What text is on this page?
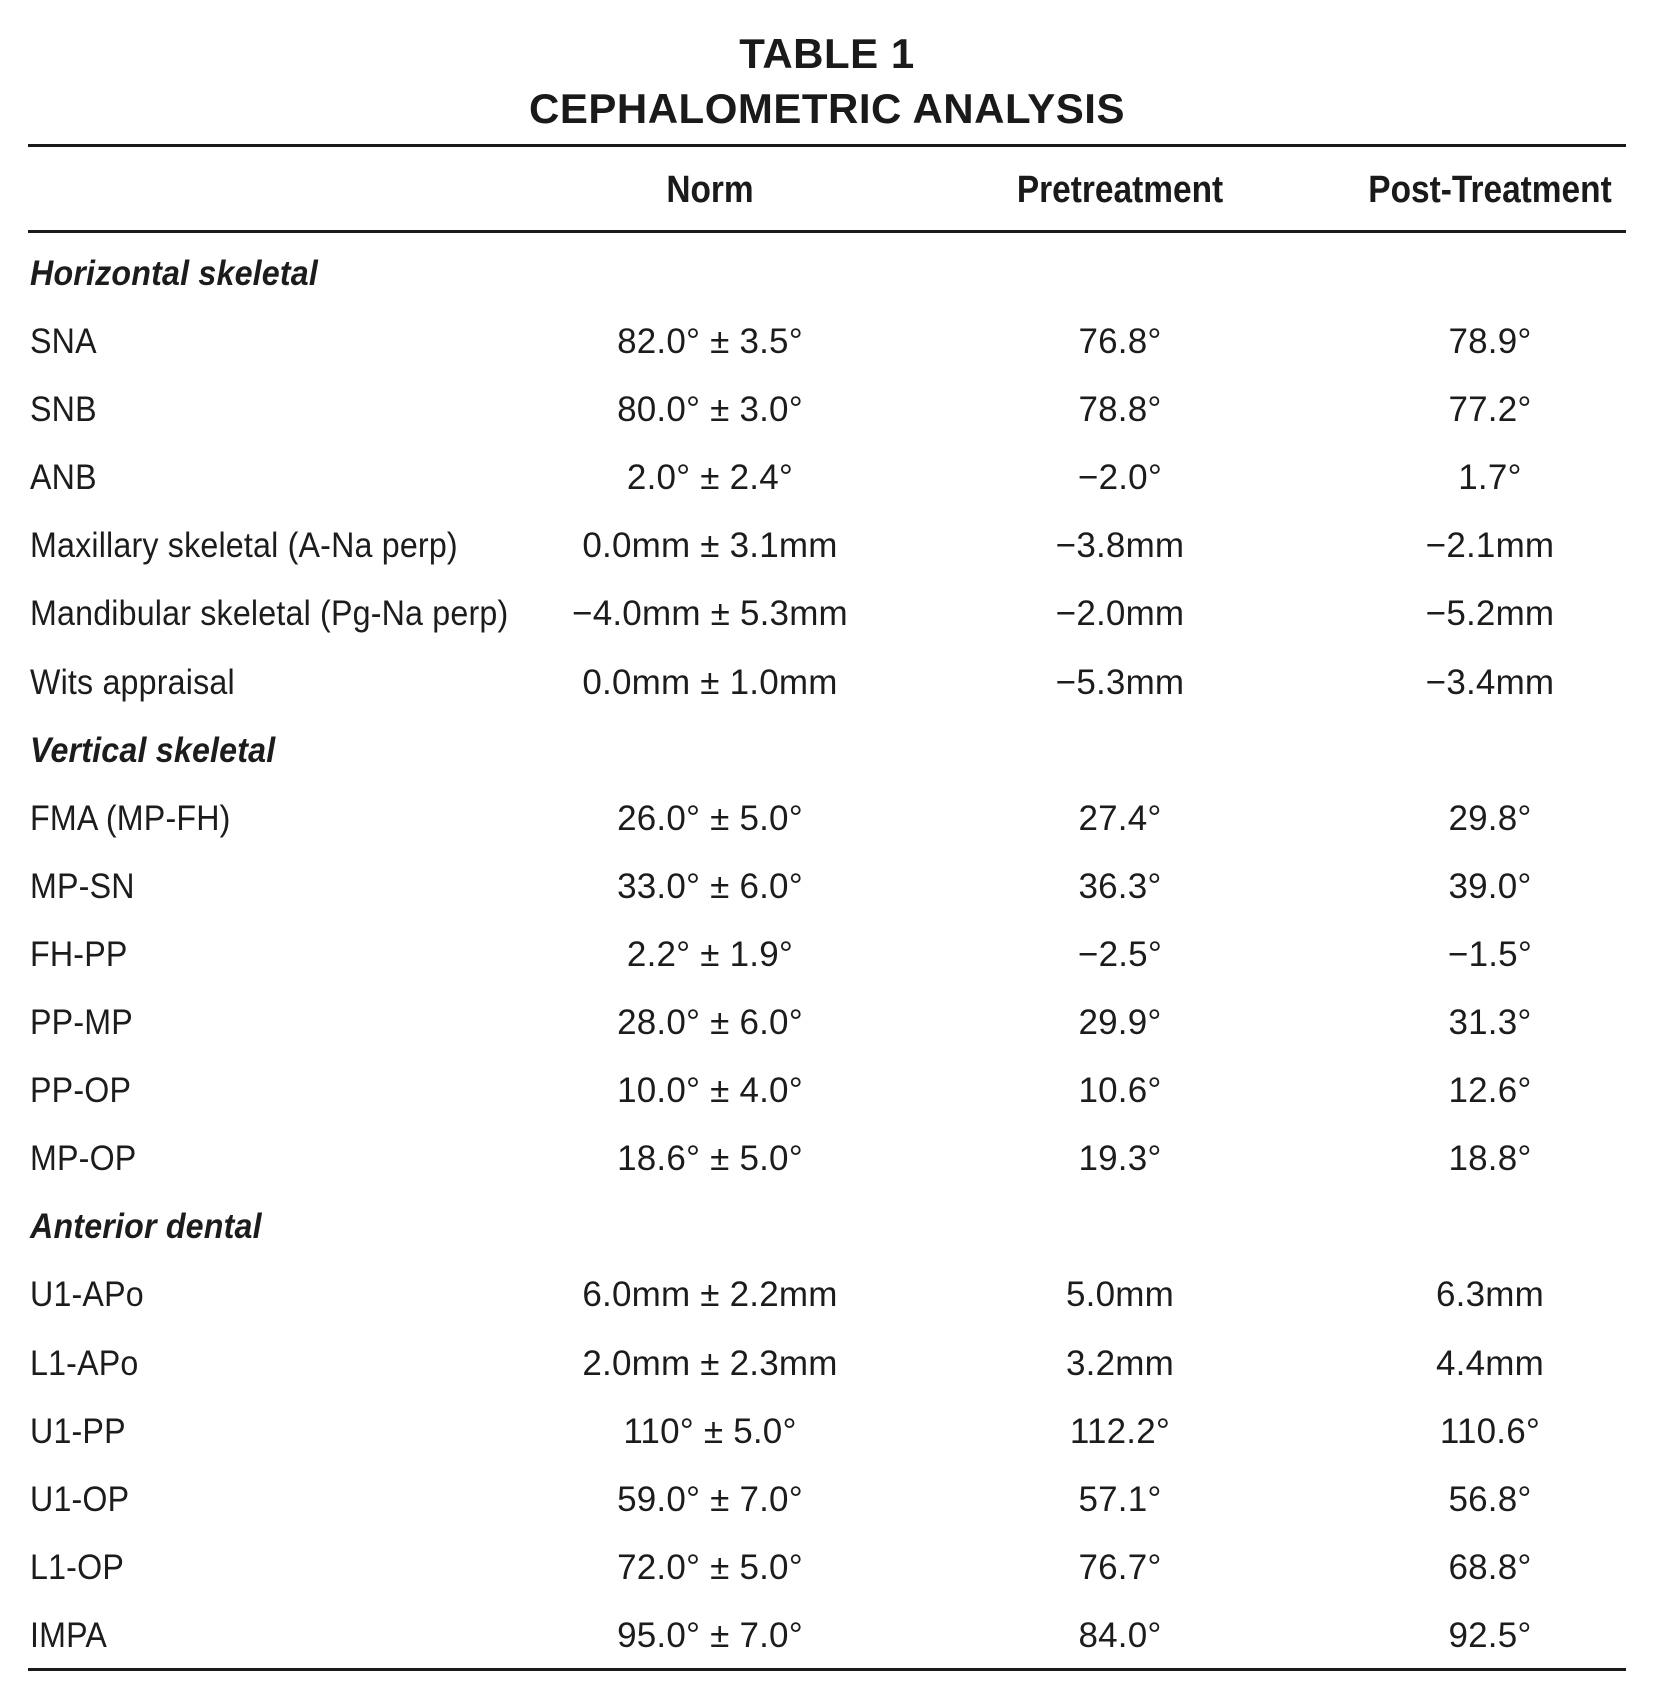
TABLE 1
CEPHALOMETRIC ANALYSIS
Norm	Pretreatment	Post-Treatment
Horizontal skeletal
SNA	82.0° ± 3.5°	76.8°	78.9°
SNB	80.0° ± 3.0°	78.8°	77.2°
ANB	2.0° ± 2.4°	−2.0°	1.7°
Maxillary skeletal (A-Na perp)	0.0mm ± 3.1mm	−3.8mm	−2.1mm
Mandibular skeletal (Pg-Na perp)	−4.0mm ± 5.3mm	−2.0mm	−5.2mm
Wits appraisal	0.0mm ± 1.0mm	−5.3mm	−3.4mm
Vertical skeletal
FMA (MP-FH)	26.0° ± 5.0°	27.4°	29.8°
MP-SN	33.0° ± 6.0°	36.3°	39.0°
FH-PP	2.2° ± 1.9°	−2.5°	−1.5°
PP-MP	28.0° ± 6.0°	29.9°	31.3°
PP-OP	10.0° ± 4.0°	10.6°	12.6°
MP-OP	18.6° ± 5.0°	19.3°	18.8°
Anterior dental
U1-APo	6.0mm ± 2.2mm	5.0mm	6.3mm
L1-APo	2.0mm ± 2.3mm	3.2mm	4.4mm
U1-PP	110° ± 5.0°	112.2°	110.6°
U1-OP	59.0° ± 7.0°	57.1°	56.8°
L1-OP	72.0° ± 5.0°	76.7°	68.8°
IMPA	95.0° ± 7.0°	84.0°	92.5°
